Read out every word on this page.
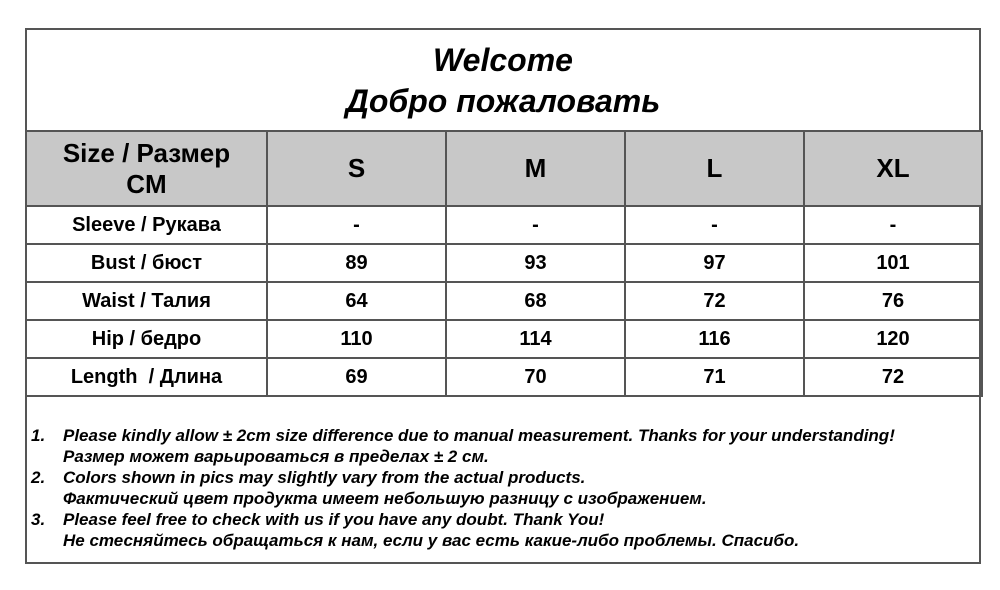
Welcome
Добро пожаловать
Size / Размер
CM	S	M	L	XL
Sleeve / Рукава	-	-	-	-
Bust / бюст	89	93	97	101
Waist / Талия	64	68	72	76
Hip / бедро	110	114	116	120
Length  / Длина	69	70	71	72
1.	Please kindly allow ± 2cm size difference due to manual measurement. Thanks for your understanding!
Размер может варьироваться в пределах ± 2 см.
2.	Colors shown in pics may slightly vary from the actual products.
Фактический цвет продукта имеет небольшую разницу с изображением.
3.	Please feel free to check with us if you have any doubt. Thank You!
Не стесняйтесь обращаться к нам, если у вас есть какие-либо проблемы. Спасибо.
